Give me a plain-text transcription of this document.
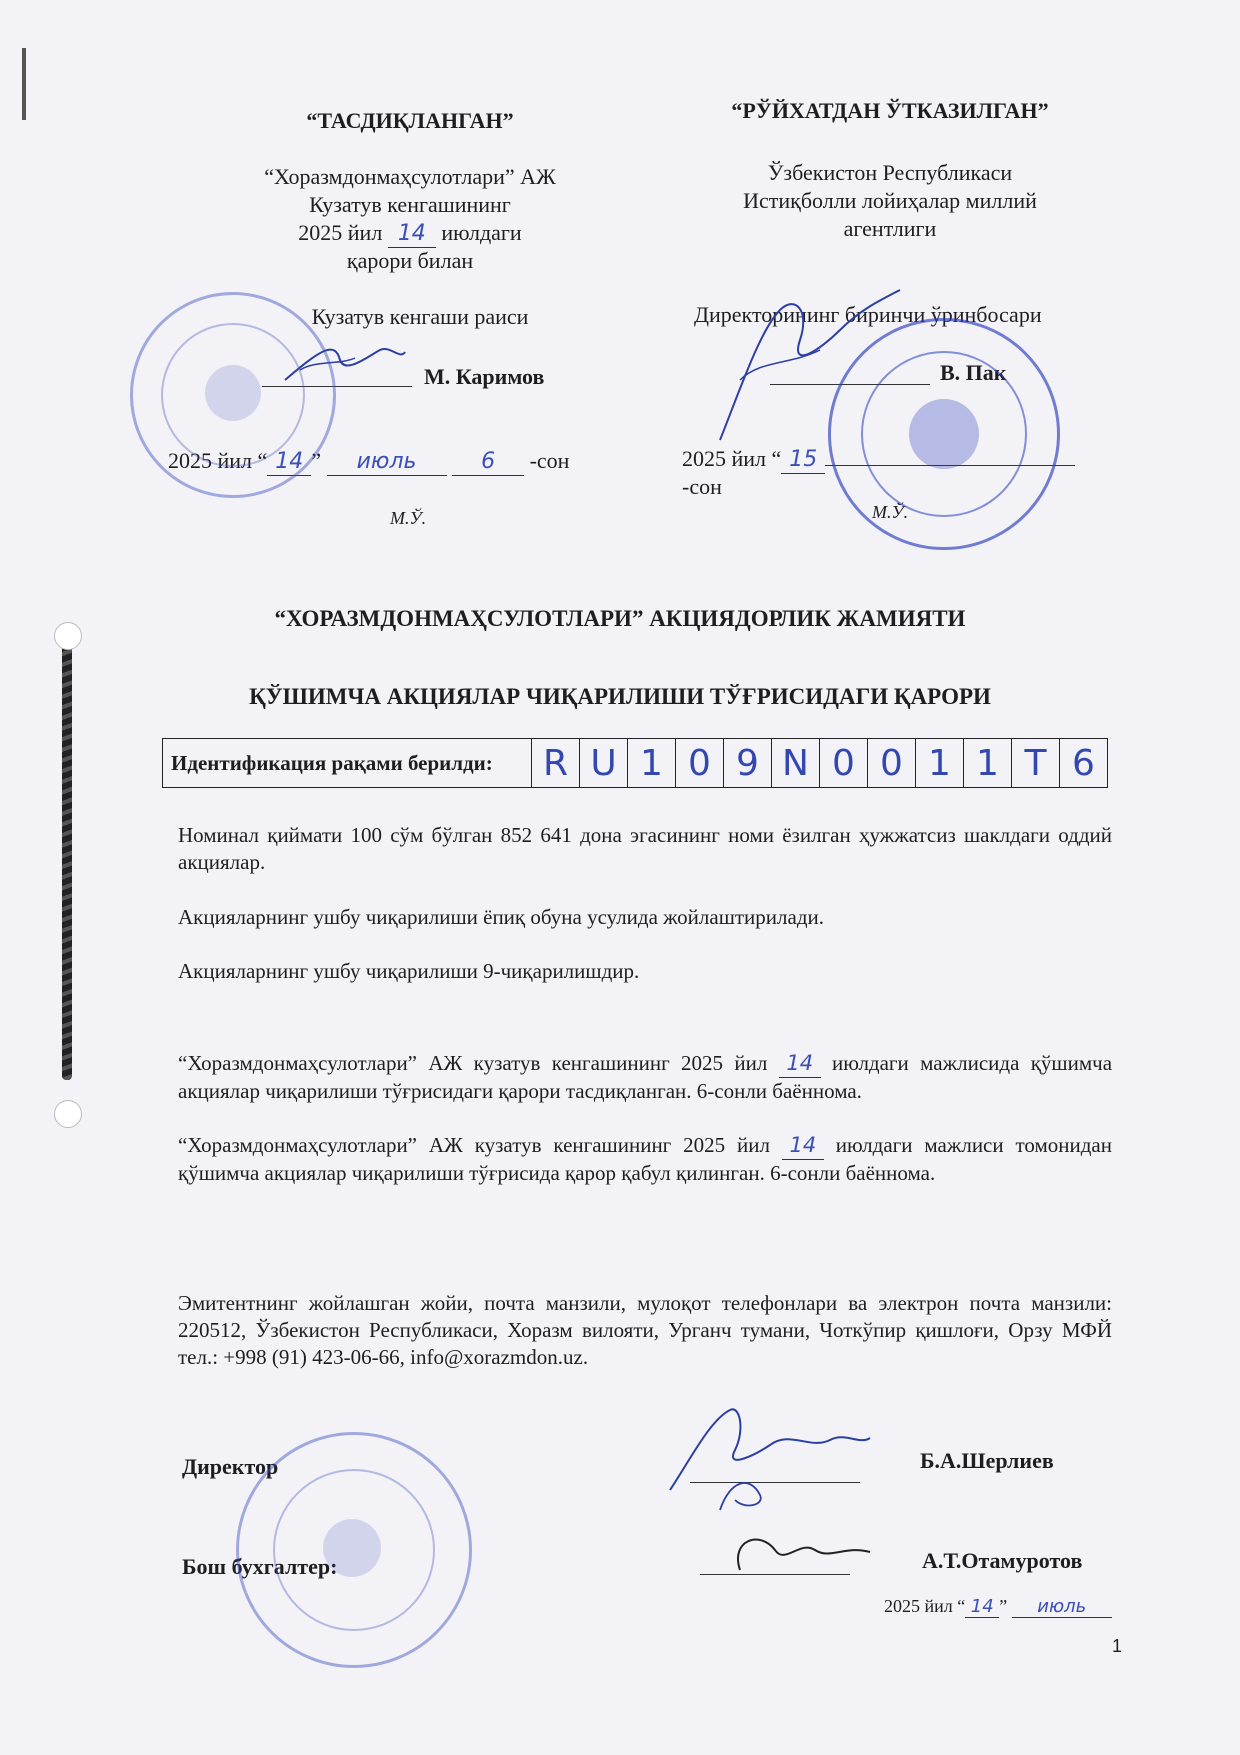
“ТАСДИҚЛАНГАН”
“Хоразмдонмаҳсулотлари” АЖ
Кузатув кенгашининг
2025 йил 14 июлдаги
қарори билан
Кузатув кенгаши раиси
М. Каримов
2025 йил “ 14 ” июль	6 -сон
М.Ў.
“РЎЙХАТДАН ЎТКАЗИЛГАН”
Ўзбекистон Республикаси
Истиқболли лойиҳалар миллий
агентлиги
Директорининг биринчи ўринбосари
В. Пак
2025 йил “ 15 -сон
М.Ў.
“ХОРАЗМДОНМАҲСУЛОТЛАРИ” АКЦИЯДОРЛИК ЖАМИЯТИ
ҚЎШИМЧА АКЦИЯЛАР ЧИҚАРИЛИШИ ТЎҒРИСИДАГИ ҚАРОРИ
Идентификация рақами берилди:	R	U	1	0	9	N	0	0	1	1	T	6
Номинал қиймати 100 сўм бўлган 852 641 дона эгасининг номи ёзилган ҳужжатсиз шаклдаги оддий акциялар.
Акцияларнинг ушбу чиқарилиши ёпиқ обуна усулида жойлаштирилади.
Акцияларнинг ушбу чиқарилиши 9-чиқарилишдир.
“Хоразмдонмаҳсулотлари” АЖ кузатув кенгашининг 2025 йил 14 июлдаги мажлисида қўшимча акциялар чиқарилиши тўғрисидаги қарори тасдиқланган. 6-сонли баённома.
“Хоразмдонмаҳсулотлари” АЖ кузатув кенгашининг 2025 йил 14 июлдаги мажлиси томонидан қўшимча акциялар чиқарилиши тўғрисида қарор қабул қилинган. 6-сонли баённома.
Эмитентнинг жойлашган жойи, почта манзили, мулоқот телефонлари ва электрон почта манзили: 220512, Ўзбекистон Республикаси, Хоразм вилояти, Урганч тумани, Чоткўпир қишлоғи, Орзу МФЙ тел.: +998 (91) 423-06-66, info@xorazmdon.uz.
Директор	Б.А.Шерлиев
Бош бухгалтер:	А.Т.Отамуротов
2025 йил “ 14 ” июль
1
